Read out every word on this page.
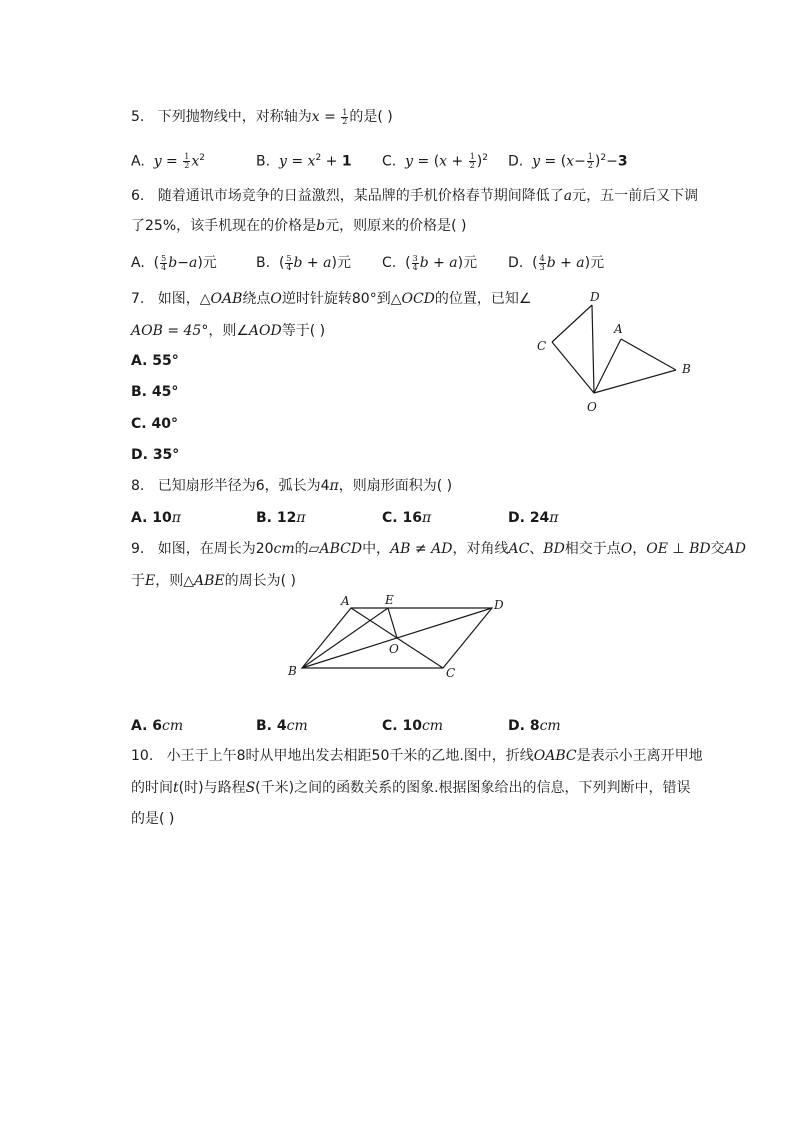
5. 下列抛物线中，对称轴为$x = \frac{1}{2}$ 的是( )
A. $y = \frac{1}{2} x^2$	B. $y = x^2 + 1$ C. $y = (x + \frac{1}{2} )^2$ D. $y = (x- \frac{1}{2} )^2-3$
6. 随着通讯市场竞争的日益激烈，某品牌的手机价格春节期间降低了a元，五一前后又下调
了25%，该手机现在的价格是b元，则原来的价格是( )
A.  ( $\frac{5}{4} b-a$)元	B.  ( $\frac{5}{4}$ b + a)元 C.  ( $\frac{3}{4}$ b + a)元 D.  ( $\frac{4}{3}$ b + a)元
7. 如图，△OAB绕点O逆时针旋转80°到△OCD的位置，已知∠
AOB = 45°，则∠AOD等于( )
A. 55°
B. 45°
C. 40°
D. 35°
D
A
C
B
O
8. 已知扇形半径为6，弧长为4π，则扇形面积为( )
A. 10π	B. 12π	C. 16π	D. 24π
9. 如图，在周长为20cm的▱ABCD中，AB ≠ AD，对角线AC、BD相交于点O，OE ⊥ BD交AD
于E，则△ABE的周长为( )
A	E	D
O
B	C
A. 6cm	B. 4cm	C. 10cm	D. 8cm
10. 小王于上午8时从甲地出发去相距50千米的乙地.图中，折线OABC是表示小王离开甲地
的时间t(时)与路程S(千米)之间的函数关系的图象.根据图象给出的信息，下列判断中，错误
的是( )
